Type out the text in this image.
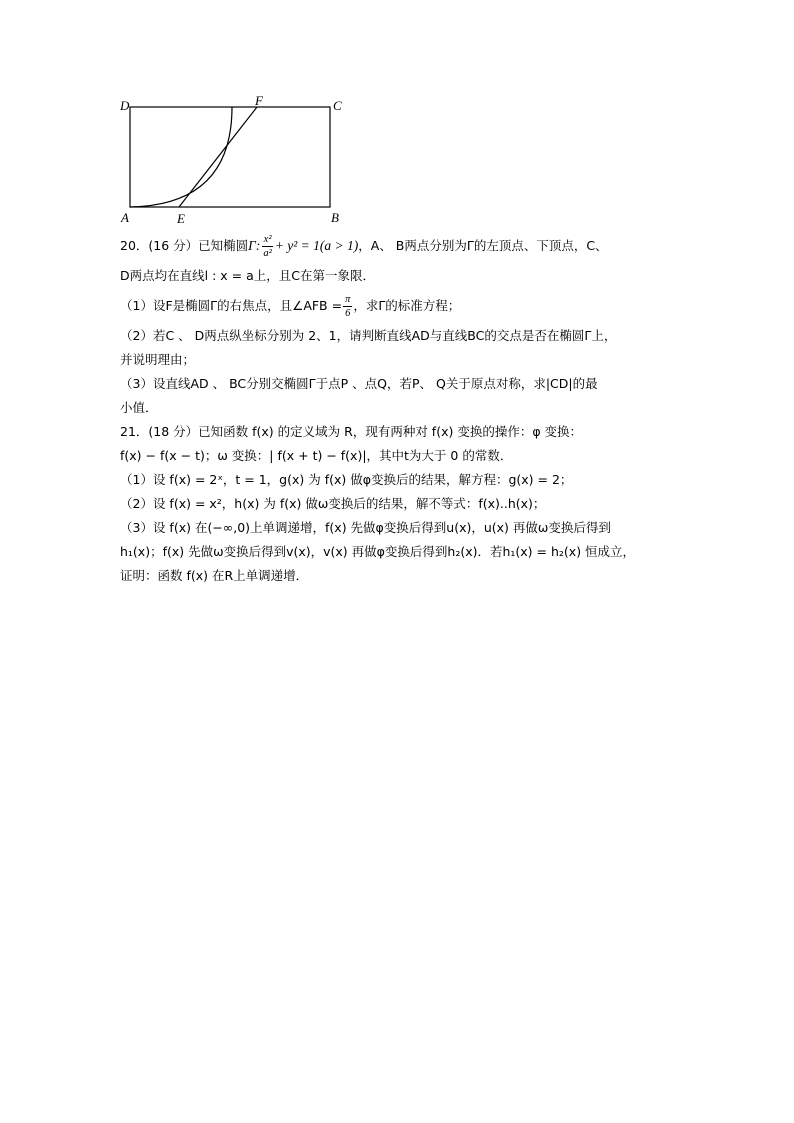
D	C
A	B
E
F
20．(16 分）已知椭圆 Γ: $\frac{\text{x²}}{\text{a²}} + y^2 = 1(a > 1)$ ，A、 B两点分别为Γ的左顶点、下顶点，C、
D两点均在直线l : x = a上，且C在第一象限．
（1）设F是椭圆Γ的右焦点，且∠AFB = $\frac{\pi}{6}$ ，求Γ的标准方程；
（2）若C 、 D两点纵坐标分别为 2、1，请判断直线AD与直线BC的交点是否在椭圆Γ上，
并说明理由；
（3）设直线AD 、 BC分别交椭圆Γ于点P 、点Q，若P、 Q关于原点对称，求|CD|的最
小值．
21．(18 分）已知函数 f(x) 的定义域为 R，现有两种对 f(x) 变换的操作：φ 变换：
f(x) − f(x − t)；ω 变换：| f(x + t) − f(x)|，其中t为大于 0 的常数．
（1）设 f(x) = 2ˣ，t = 1，g(x) 为 f(x) 做φ变换后的结果，解方程：g(x) = 2；
（2）设 f(x) = x²，h(x) 为 f(x) 做ω变换后的结果，解不等式：f(x)..h(x)；
（3）设 f(x) 在(−∞,0)上单调递增，f(x) 先做φ变换后得到u(x)，u(x) 再做ω变换后得到
h₁(x)；f(x) 先做ω变换后得到v(x)，v(x) 再做φ变换后得到h₂(x)．若h₁(x) = h₂(x) 恒成立，
证明：函数 f(x) 在R上单调递增．
